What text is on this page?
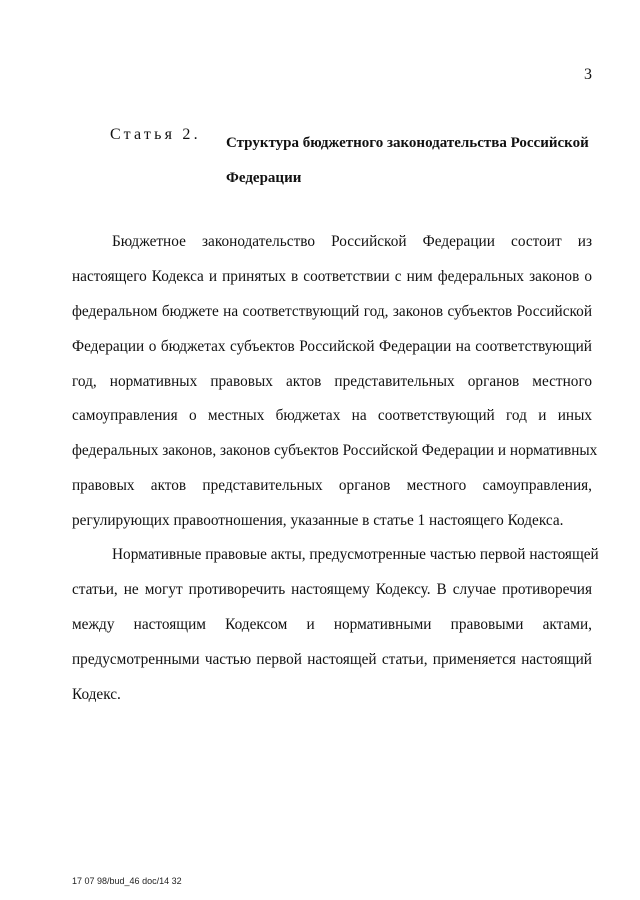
3
Статья 2. Структура бюджетного законодательства Российской
Федерации
Бюджетное законодательство Российской Федерации состоит из
настоящего Кодекса и принятых в соответствии с ним федеральных законов о
федеральном бюджете на соответствующий год, законов субъектов Российской
Федерации о бюджетах субъектов Российской Федерации на соответствующий
год, нормативных правовых актов представительных органов местного
самоуправления о местных бюджетах на соответствующий год и иных
федеральных законов, законов субъектов Российской Федерации и нормативных
правовых актов представительных органов местного самоуправления,
регулирующих правоотношения, указанные в статье 1 настоящего Кодекса.
Нормативные правовые акты, предусмотренные частью первой настоящей
статьи, не могут противоречить настоящему Кодексу. В случае противоречия
между настоящим Кодексом и нормативными правовыми актами,
предусмотренными частью первой настоящей статьи, применяется настоящий
Кодекс.
17 07 98/bud_46 doc/14 32
